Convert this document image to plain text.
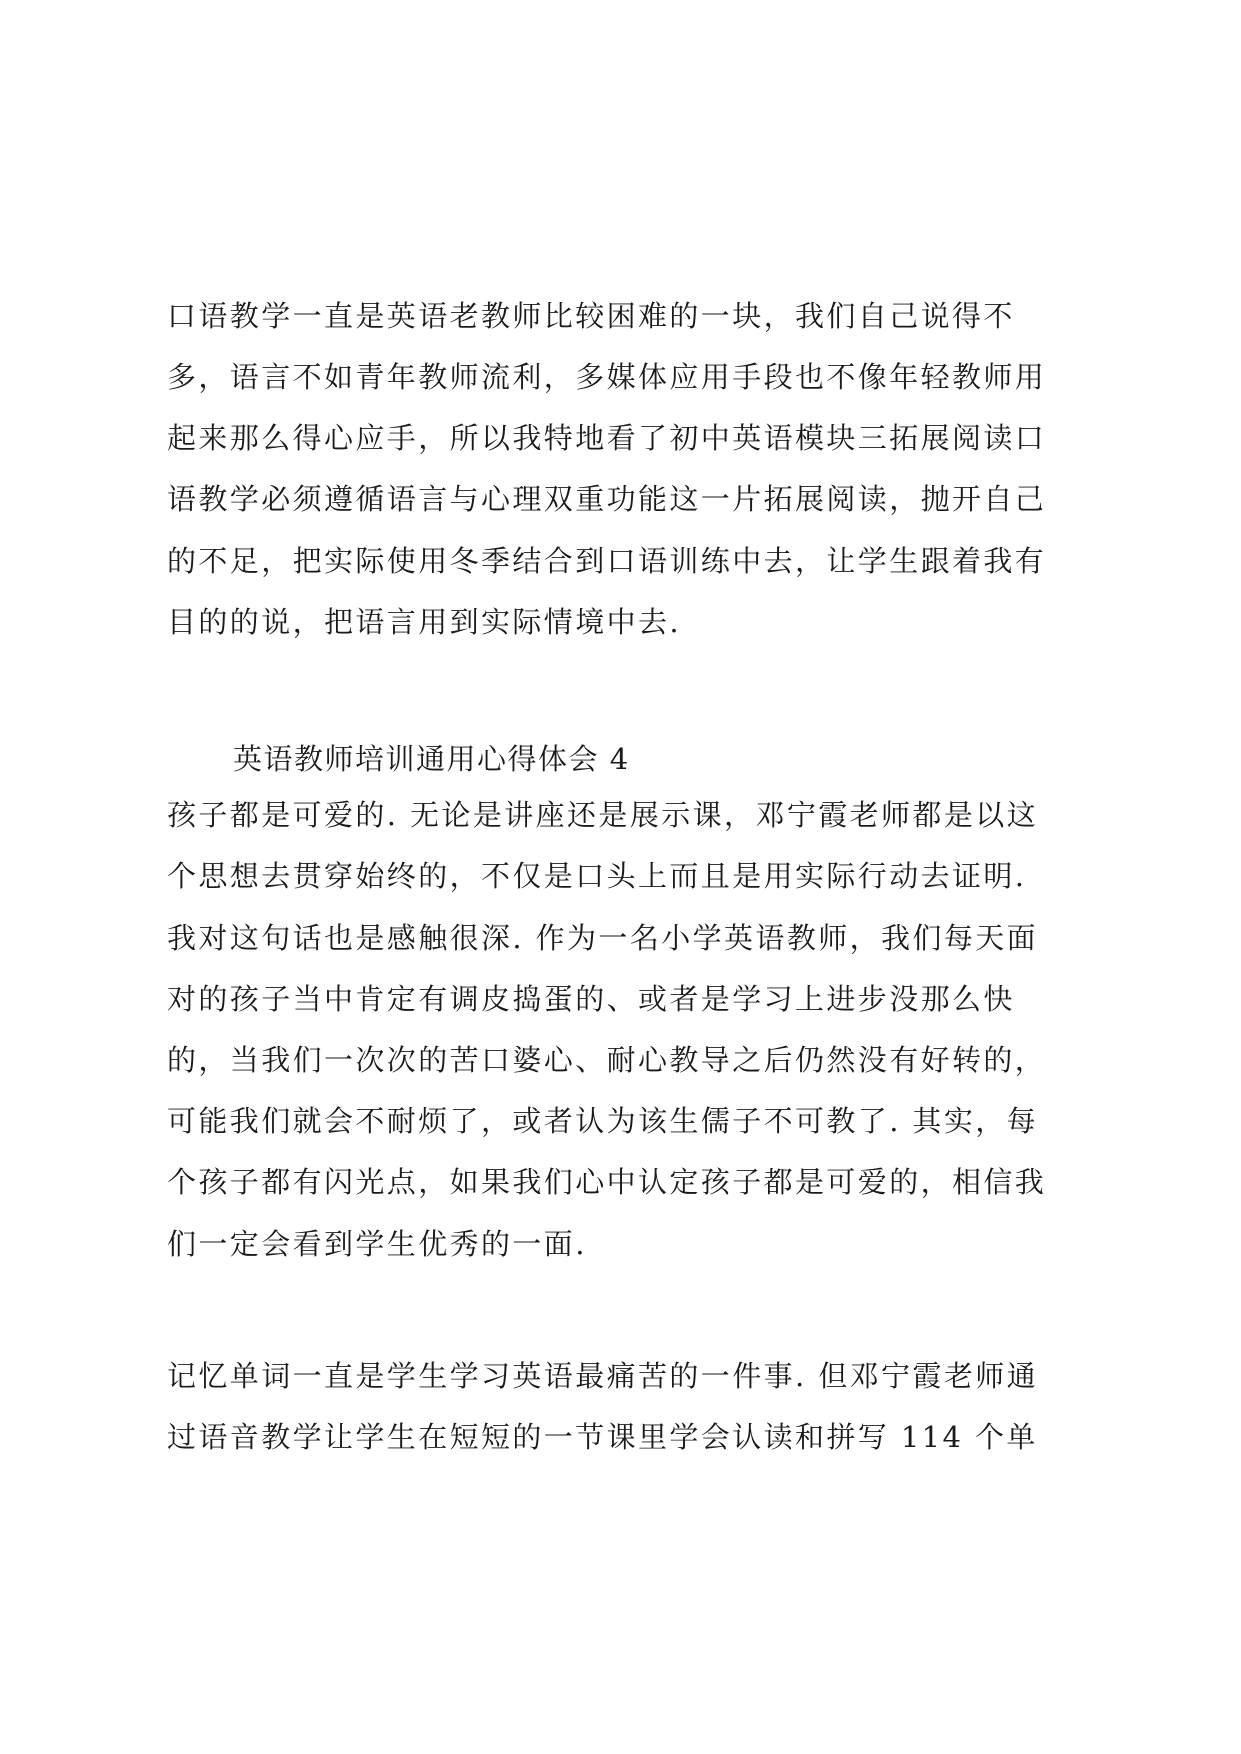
口语教学一直是英语老教师比较困难的一块，我们自己说得不
多，语言不如青年教师流利，多媒体应用手段也不像年轻教师用
起来那么得心应手，所以我特地看了初中英语模块三拓展阅读口
语教学必须遵循语言与心理双重功能这一片拓展阅读，抛开自己
的不足，把实际使用冬季结合到口语训练中去，让学生跟着我有
目的的说，把语言用到实际情境中去.
英语教师培训通用心得体会 4
孩子都是可爱的. 无论是讲座还是展示课，邓宁霞老师都是以这
个思想去贯穿始终的，不仅是口头上而且是用实际行动去证明.
我对这句话也是感触很深. 作为一名小学英语教师，我们每天面
对的孩子当中肯定有调皮捣蛋的、或者是学习上进步没那么快
的，当我们一次次的苦口婆心、耐心教导之后仍然没有好转的，
可能我们就会不耐烦了，或者认为该生儒子不可教了. 其实，每
个孩子都有闪光点，如果我们心中认定孩子都是可爱的，相信我
们一定会看到学生优秀的一面.
记忆单词一直是学生学习英语最痛苦的一件事. 但邓宁霞老师通
过语音教学让学生在短短的一节课里学会认读和拼写 114 个单
